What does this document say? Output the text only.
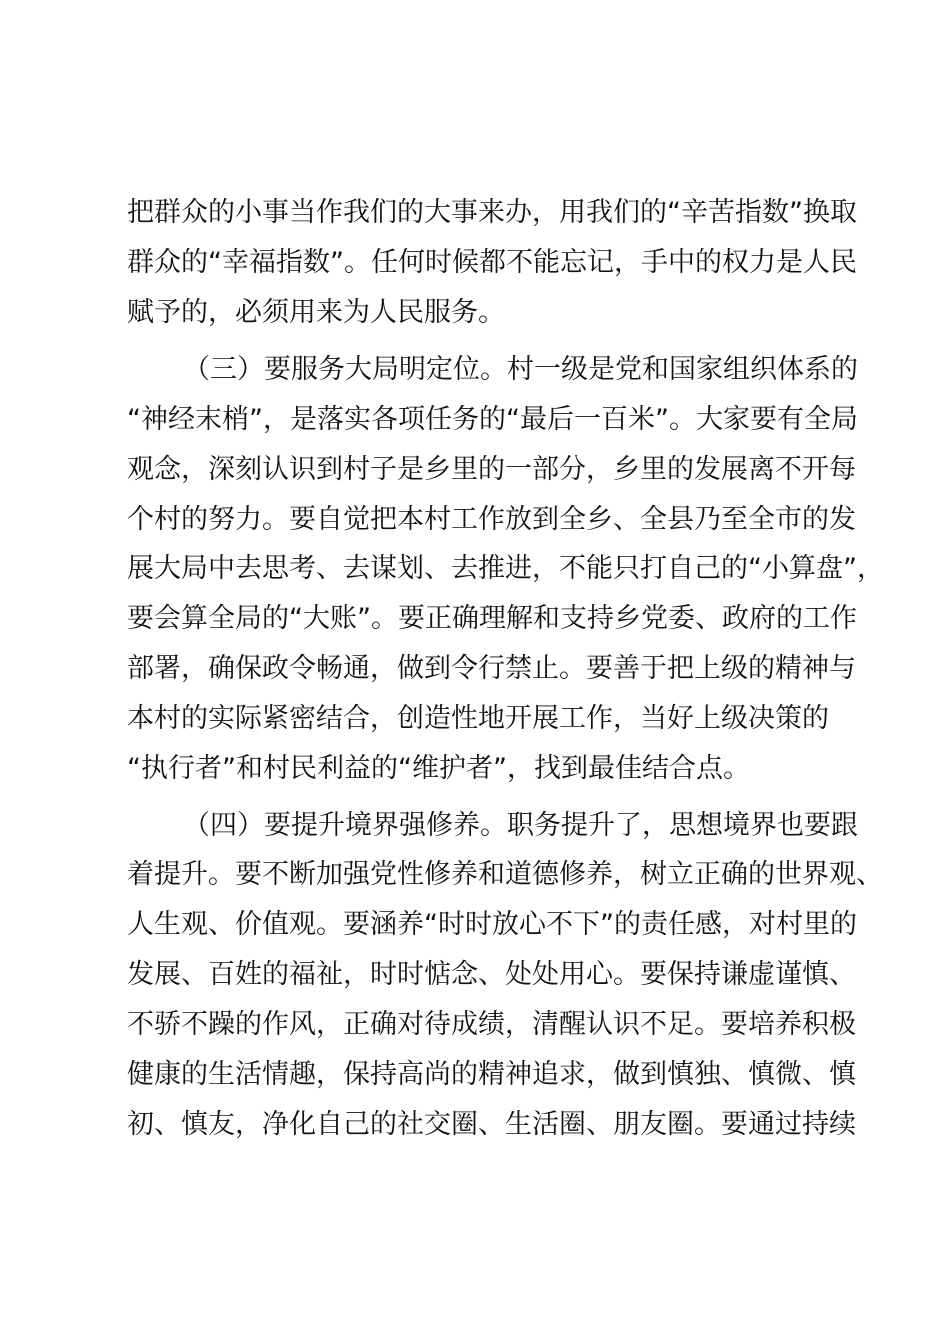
把群众的小事当作我们的大事来办，用我们的“辛苦指数”换取
群众的“幸福指数”。任何时候都不能忘记，手中的权力是人民
赋予的，必须用来为人民服务。
（三）要服务大局明定位。村一级是党和国家组织体系的
“神经末梢”，是落实各项任务的“最后一百米”。大家要有全局
观念，深刻认识到村子是乡里的一部分，乡里的发展离不开每
个村的努力。要自觉把本村工作放到全乡、全县乃至全市的发
展大局中去思考、去谋划、去推进，不能只打自己的“小算盘”，
要会算全局的“大账”。要正确理解和支持乡党委、政府的工作
部署，确保政令畅通，做到令行禁止。要善于把上级的精神与
本村的实际紧密结合，创造性地开展工作，当好上级决策的
“执行者”和村民利益的“维护者”，找到最佳结合点。
（四）要提升境界强修养。职务提升了，思想境界也要跟
着提升。要不断加强党性修养和道德修养，树立正确的世界观、
人生观、价值观。要涵养“时时放心不下”的责任感，对村里的
发展、百姓的福祉，时时惦念、处处用心。要保持谦虚谨慎、
不骄不躁的作风，正确对待成绩，清醒认识不足。要培养积极
健康的生活情趣，保持高尚的精神追求，做到慎独、慎微、慎
初、慎友，净化自己的社交圈、生活圈、朋友圈。要通过持续
